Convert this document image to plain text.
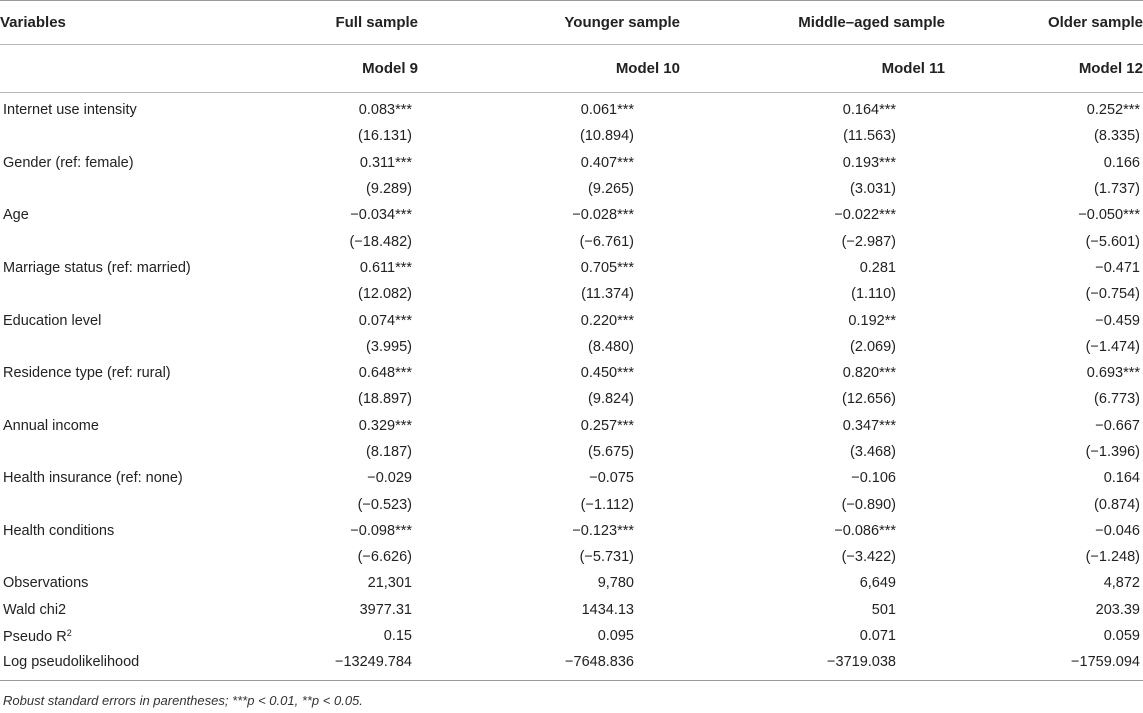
Variables	Full sample	Younger sample	Middle–aged sample	Older sample
	Model 9	Model 10	Model 11	Model 12
Internet use intensity	0.083***	0.061***	0.164***	0.252***
	(16.131)	(10.894)	(11.563)	(8.335)
Gender (ref: female)	0.311***	0.407***	0.193***	0.166
	(9.289)	(9.265)	(3.031)	(1.737)
Age	−0.034***	−0.028***	−0.022***	−0.050***
	(−18.482)	(−6.761)	(−2.987)	(−5.601)
Marriage status (ref: married)	0.611***	0.705***	0.281	−0.471
	(12.082)	(11.374)	(1.110)	(−0.754)
Education level	0.074***	0.220***	0.192**	−0.459
	(3.995)	(8.480)	(2.069)	(−1.474)
Residence type (ref: rural)	0.648***	0.450***	0.820***	0.693***
	(18.897)	(9.824)	(12.656)	(6.773)
Annual income	0.329***	0.257***	0.347***	−0.667
	(8.187)	(5.675)	(3.468)	(−1.396)
Health insurance (ref: none)	−0.029	−0.075	−0.106	0.164
	(−0.523)	(−1.112)	(−0.890)	(0.874)
Health conditions	−0.098***	−0.123***	−0.086***	−0.046
	(−6.626)	(−5.731)	(−3.422)	(−1.248)
Observations	21,301	9,780	6,649	4,872
Wald chi2	3977.31	1434.13	501	203.39
Pseudo $R^2$	0.15	0.095	0.071	0.059
Log pseudolikelihood	−13249.784	−7648.836	−3719.038	−1759.094
Robust standard errors in parentheses; ***p < 0.01, **p < 0.05.
